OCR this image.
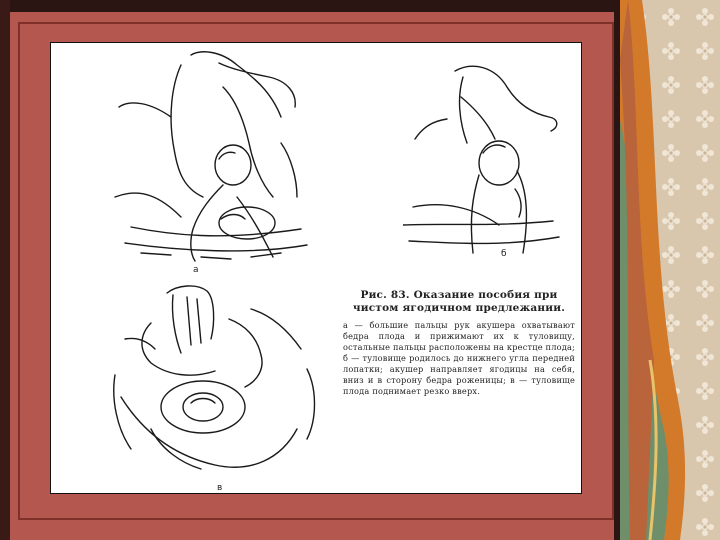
а
б
в

Рис. 83. Оказание пособия при чистом ягодичном предлежании.

а — большие пальцы рук акушера охватывают бедра плода и прижимают их к туловищу, остальные пальцы расположены на крестце плода; б — туловище родилось до нижнего угла передней лопатки; акушер направляет ягодицы на себя, вниз и в сторону бедра роженицы; в — туловище плода поднимает резко вверх.
